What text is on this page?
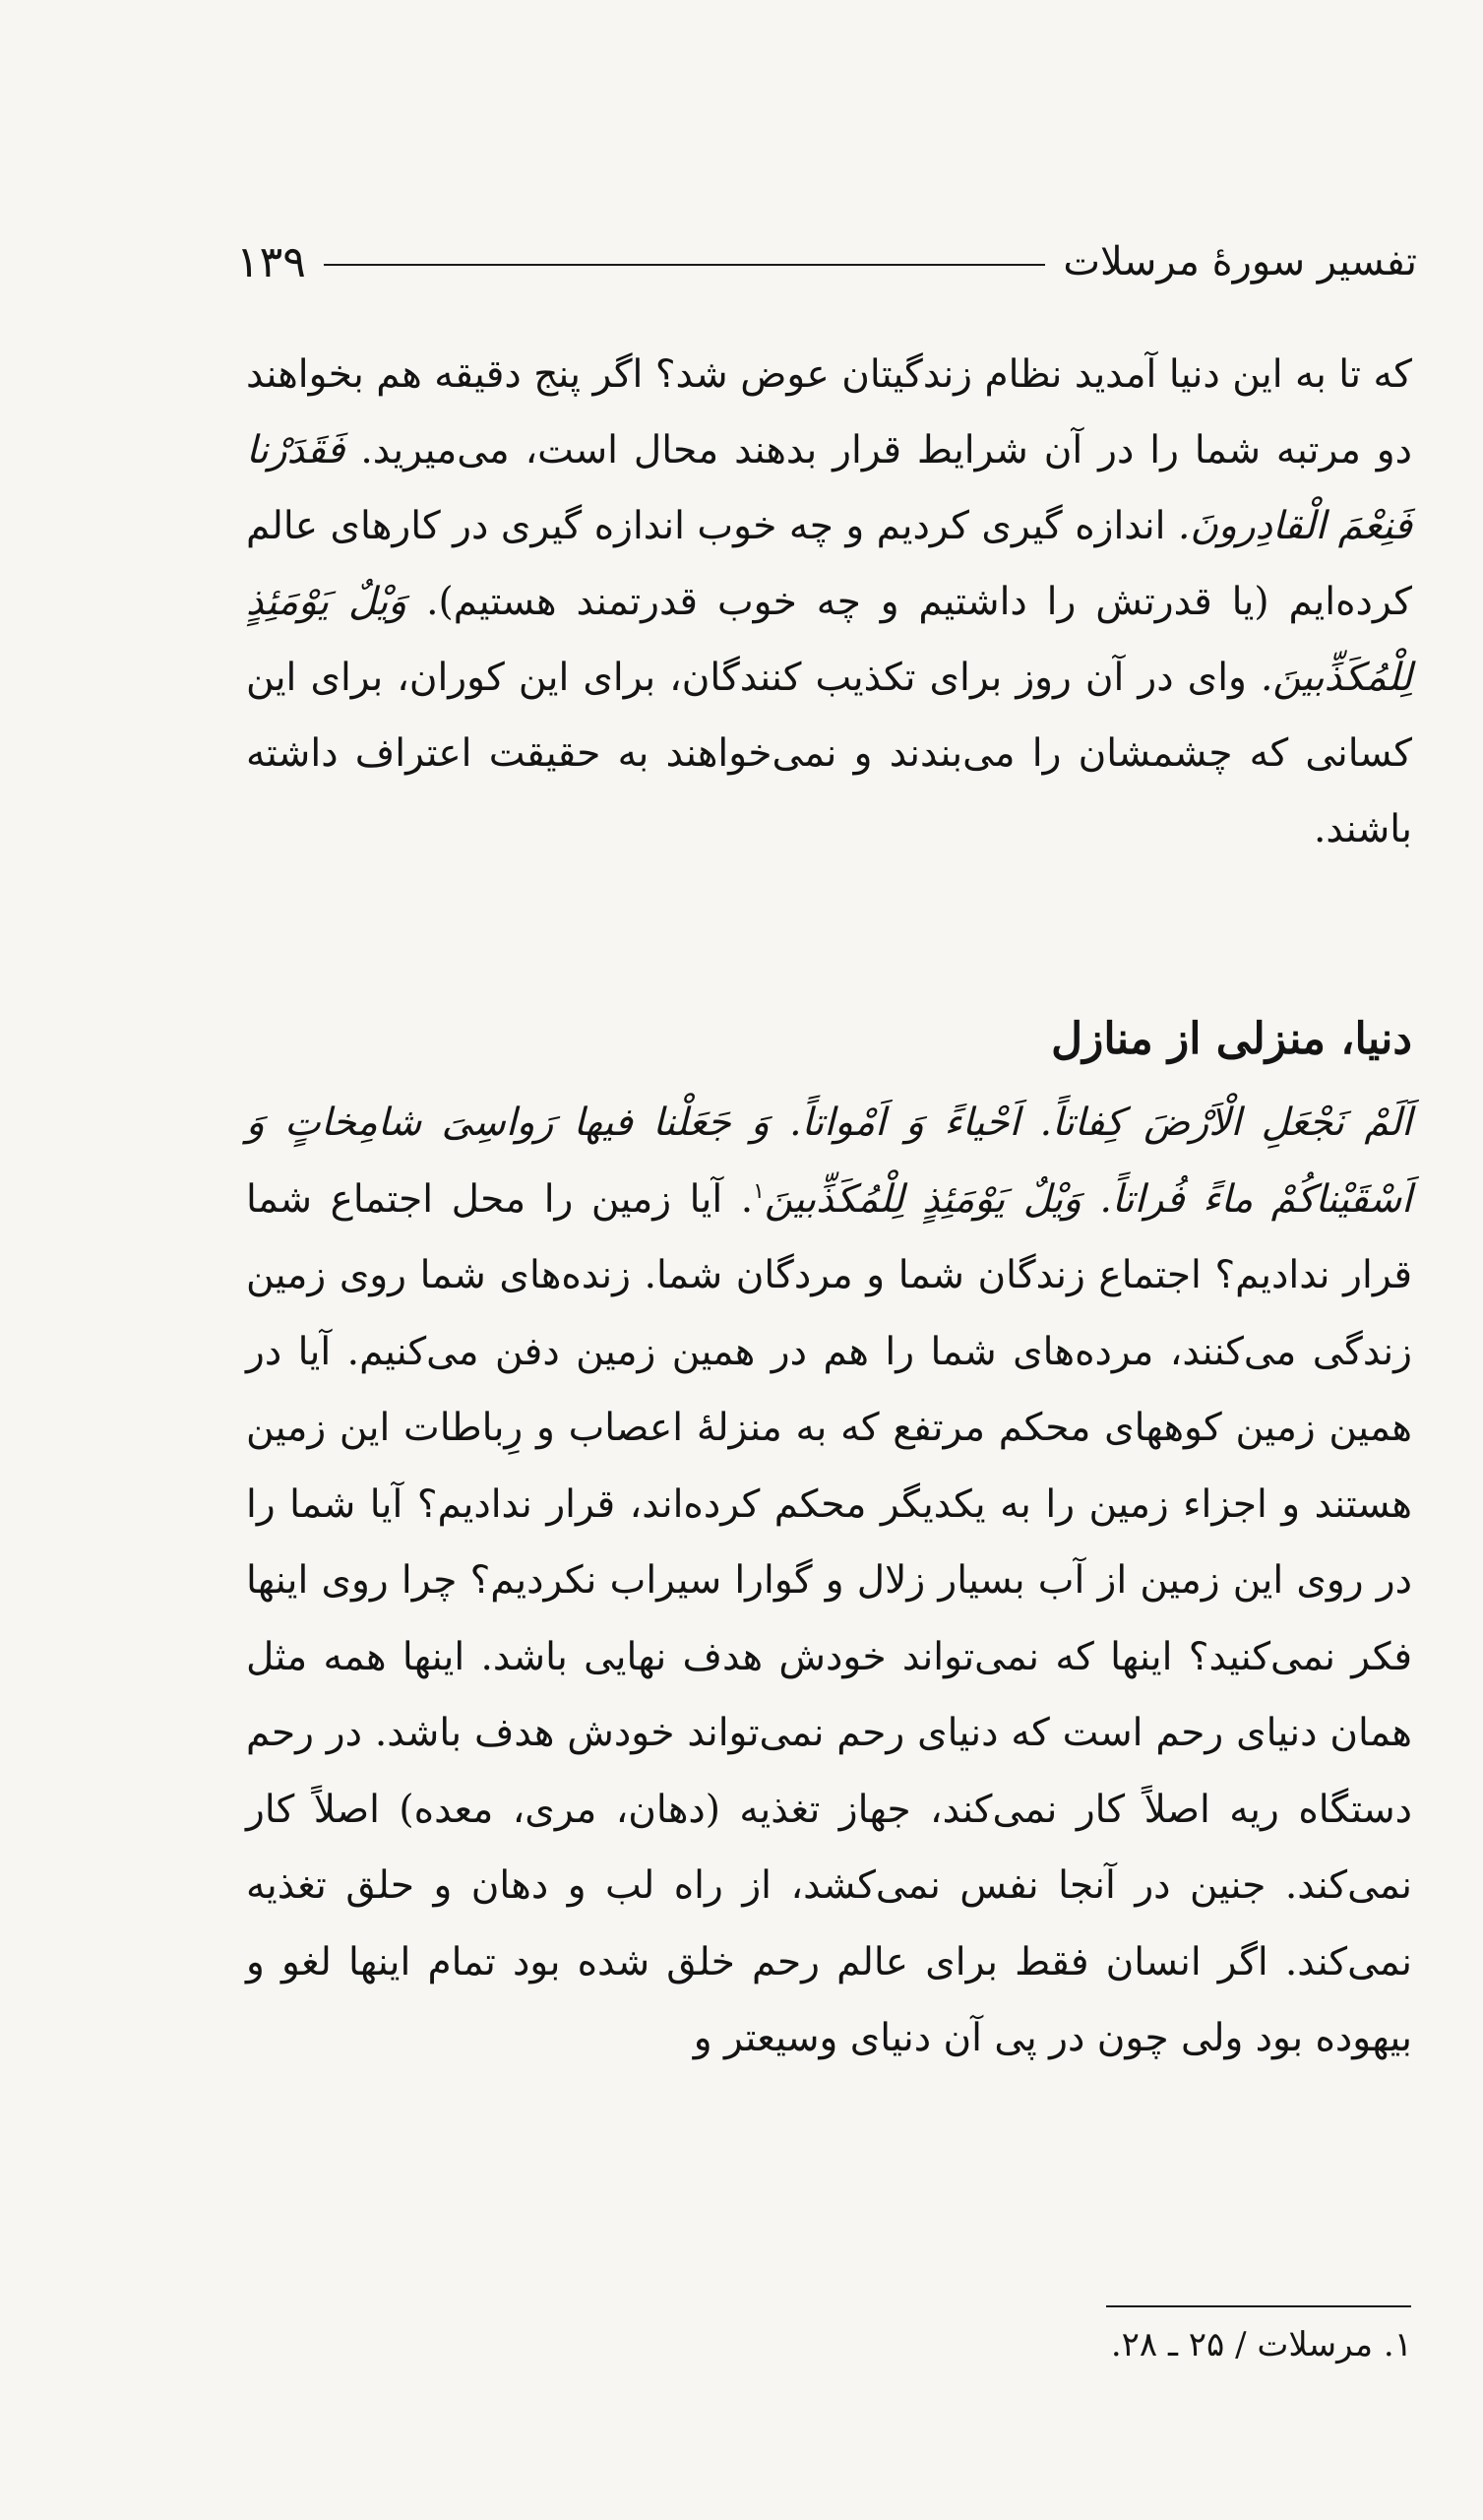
تفسیر سورهٔ مرسلات
۱۳۹
که تا به این دنیا آمدید نظام زندگیتان عوض شد؟ اگر پنج دقیقه هم بخواهند دو مرتبه شما را در آن شرایط قرار بدهند محال است، می‌میرید. فَقَدَرْنا فَنِعْمَ الْقادِرونَ. اندازه گیری کردیم و چه خوب اندازه گیری در کارهای عالم کرده‌ایم (یا قدرتش را داشتیم و چه خوب قدرتمند هستیم). وَیْلٌ یَوْمَئِذٍ لِلْمُکَذِّبینَ. وای در آن روز برای تکذیب کنندگان، برای این کوران، برای این کسانی که چشمشان را می‌بندند و نمی‌خواهند به حقیقت اعتراف داشته باشند.
دنیا، منزلی از منازل
اَلَمْ نَجْعَلِ الْاَرْضَ کِفاتاً. اَحْیاءً وَ اَمْواتاً. وَ جَعَلْنا فیها رَواسِیَ شامِخاتٍ وَ اَسْقَیْناکُمْ ماءً فُراتاً. وَیْلٌ یَوْمَئِذٍ لِلْمُکَذِّبینَ$^۱$. آیا زمین را محل اجتماع شما قرار ندادیم؟ اجتماع زندگان شما و مردگان شما. زنده‌های شما روی زمین زندگی می‌کنند، مرده‌های شما را هم در همین زمین دفن می‌کنیم. آیا در همین زمین کوههای محکم مرتفع که به منزلهٔ اعصاب و رِباطات این زمین هستند و اجزاء زمین را به یکدیگر محکم کرده‌اند، قرار ندادیم؟ آیا شما را در روی این زمین از آب بسیار زلال و گوارا سیراب نکردیم؟ چرا روی اینها فکر نمی‌کنید؟ اینها که نمی‌تواند خودش هدف نهایی باشد. اینها همه مثل همان دنیای رحم است که دنیای رحم نمی‌تواند خودش هدف باشد. در رحم دستگاه ریه اصلاً کار نمی‌کند، جهاز تغذیه (دهان، مری، معده) اصلاً کار نمی‌کند. جنین در آنجا نفس نمی‌کشد، از راه لب و دهان و حلق تغذیه نمی‌کند. اگر انسان فقط برای عالم رحم خلق شده بود تمام اینها لغو و بیهوده بود ولی چون در پی آن دنیای وسیعتر و
۱. مرسلات / ۲۵ ـ ۲۸.
